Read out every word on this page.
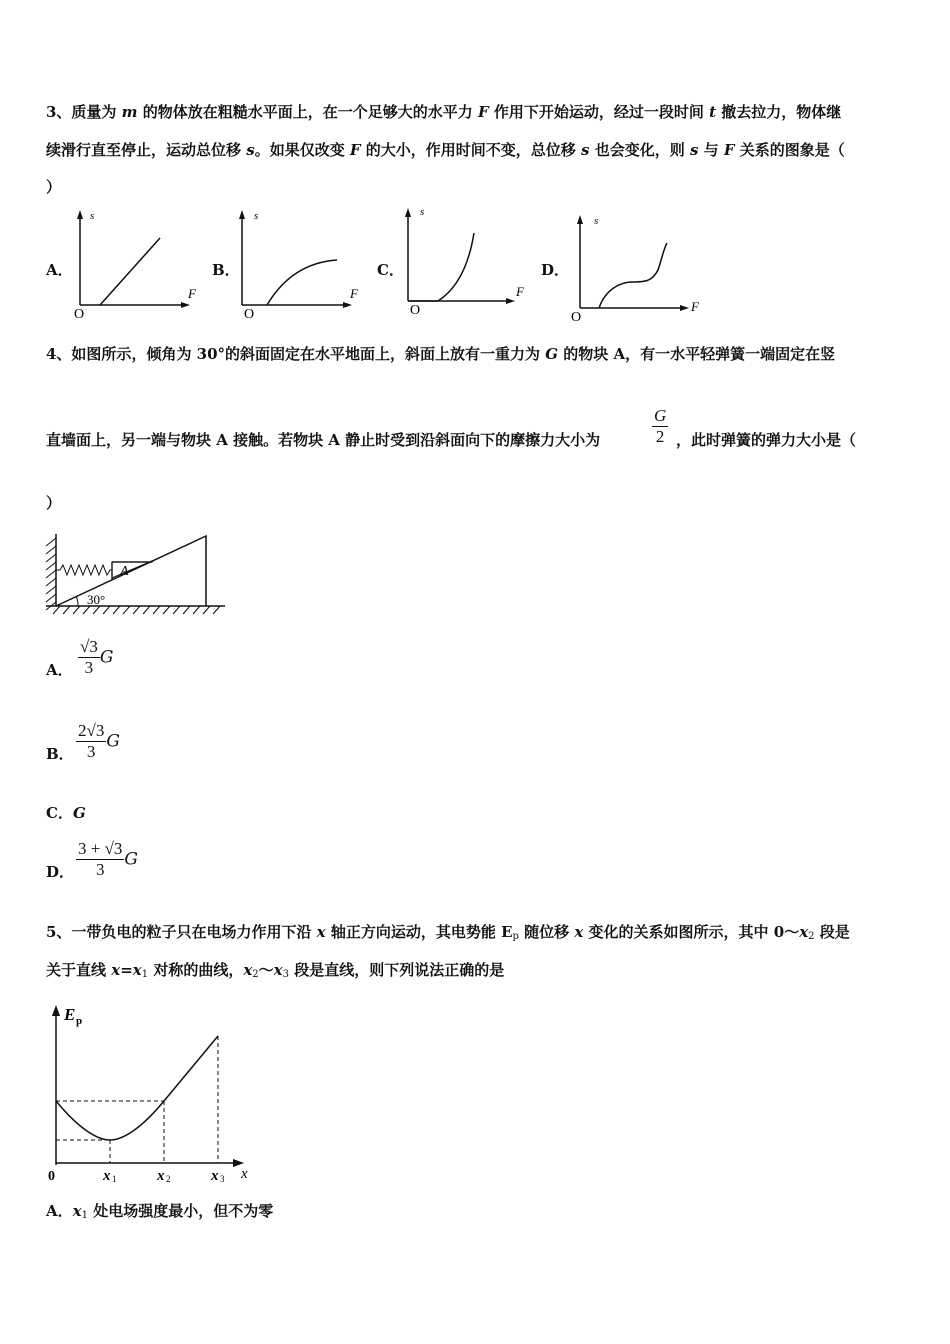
3、质量为 m 的物体放在粗糙水平面上，在一个足够大的水平力 F 作用下开始运动，经过一段时间 t 撤去拉力，物体继
续滑行直至停止，运动总位移 s。如果仅改变 F 的大小，作用时间不变，总位移 s 也会变化，则 s 与 F 关系的图象是（
）
A．	B．	C．	D．
s
F
O
s
F
O
s
F
O
s
F
O
4、如图所示，倾角为 30°的斜面固定在水平地面上，斜面上放有一重力为 G 的物块 A，有一水平轻弹簧一端固定在竖
直墙面上，另一端与物块 A 接触。若物块 A 静止时受到沿斜面向下的摩擦力大小为	$\frac{G}{2}$ ，此时弹簧的弹力大小是（
）
A
30°
A． $\frac{√3}{3}$ G
B． $\frac{2√3}{3}$ G
C．G
D． $\frac{3 + √3}{3}$ G
5、一带负电的粒子只在电场力作用下沿 x 轴正方向运动，其电势能 $E_p$ 随位移 x 变化的关系如图所示，其中 $0\sim x_2$ 段是
关于直线 $x=x_1$ 对称的曲线，$x_2\sim x_3$ 段是直线，则下列说法正确的是
E p
0	x 1	x 2	x 3 x
A．$x_1$ 处电场强度最小，但不为零
